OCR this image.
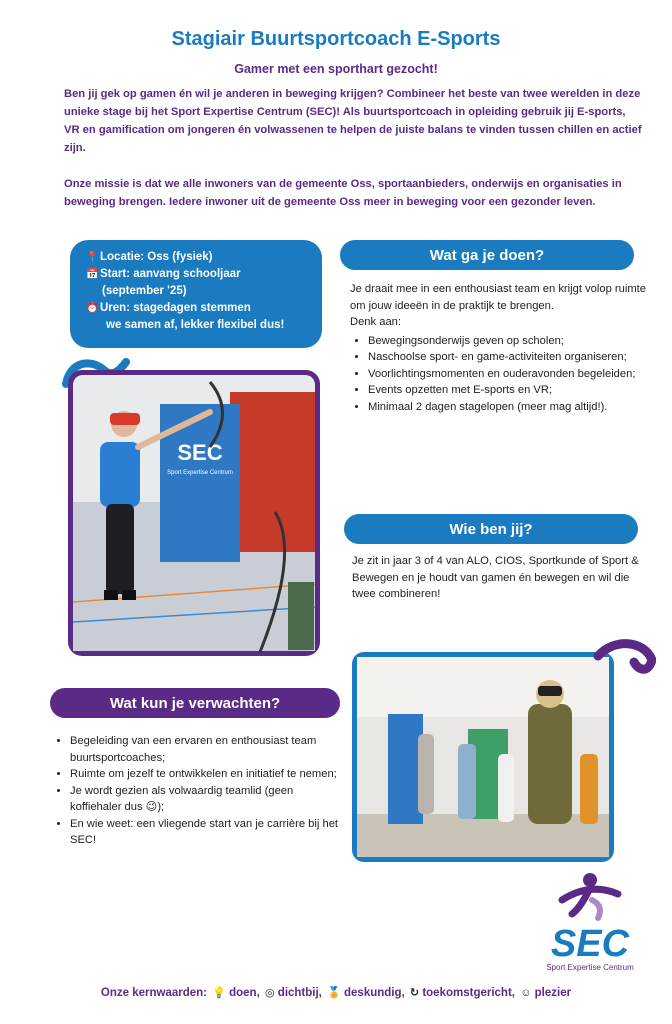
Stagiair Buurtsportcoach E-Sports
Gamer met een sporthart gezocht!

Ben jij gek op gamen én wil je anderen in beweging krijgen? Combineer het beste van twee werelden in deze unieke stage bij het Sport Expertise Centrum (SEC)! Als buurtsportcoach in opleiding gebruik jij E-sports, VR en gamification om jongeren én volwassenen te helpen de juiste balans te vinden tussen chillen en actief zijn.

Onze missie is dat we alle inwoners van de gemeente Oss, sportaanbieders, onderwijs en organisaties in beweging brengen. Iedere inwoner uit de gemeente Oss meer in beweging voor een gezonder leven.

📍 Locatie: Oss (fysiek)
📅 Start: aanvang schooljaar
(september '25)
⏰ Uren: stagedagen stemmen
we samen af, lekker flexibel dus!
Wat ga je doen?
Je draait mee in een enthousiast team en krijgt volop ruimte om jouw ideeën in de praktijk te brengen.
Denk aan:
• Bewegingsonderwijs geven op scholen;
• Naschoolse sport- en game-activiteiten organiseren;
• Voorlichtingsmomenten en ouderavonden begeleiden;
• Events opzetten met E-sports en VR;
• Minimaal 2 dagen stagelopen (meer mag altijd!).
Wie ben jij?
Je zit in jaar 3 of 4 van ALO, CIOS, Sportkunde of Sport & Bewegen en je houdt van gamen én bewegen en wil die twee combineren!
SEC
Sport Expertise Centrum
Wat kun je verwachten?
• Begeleiding van een ervaren en enthousiast team buurtsportcoaches;
• Ruimte om jezelf te ontwikkelen en initiatief te nemen;
• Je wordt gezien als volwaardig teamlid (geen koffiehaler dus 😉);
• En wie weet: een vliegende start van je carrière bij het SEC!
SEC
Sport Expertise Centrum
Onze kernwaarden: 💡 doen, ◎ dichtbij, 🏅 deskundig, ↻ toekomstgericht, ☺ plezier
